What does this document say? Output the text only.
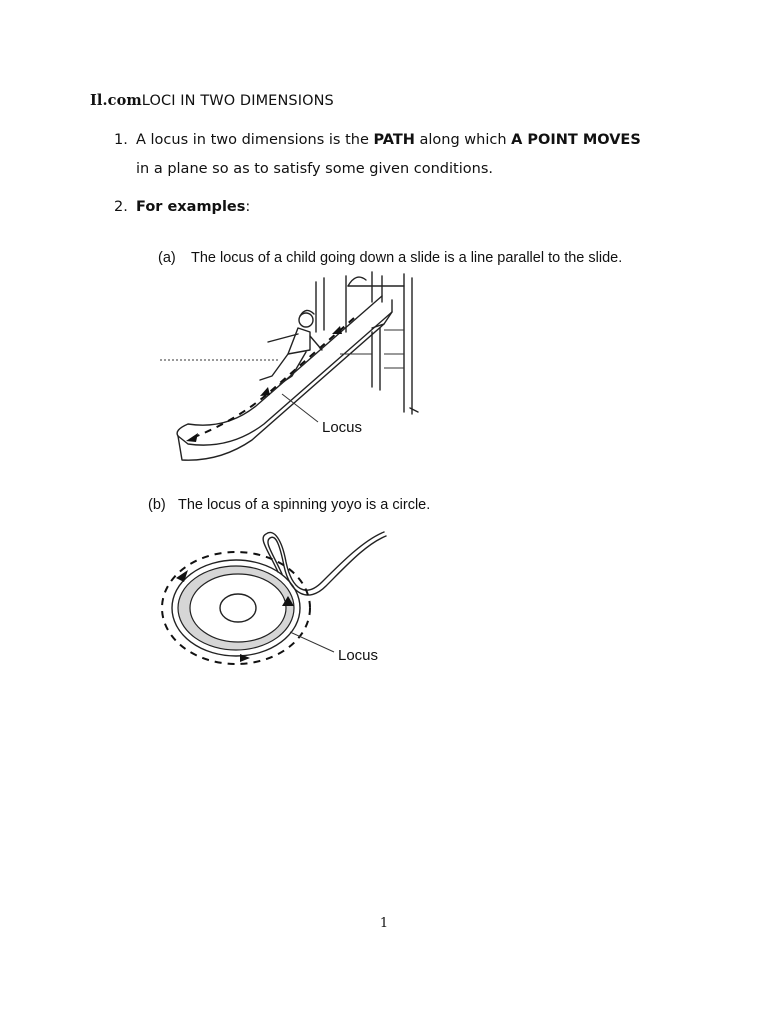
Il.comLOCI IN TWO DIMENSIONS
1. A locus in two dimensions is the PATH along which A POINT MOVES
in a plane so as to satisfy some given conditions.
2. For examples:
(a) The locus of a child going down a slide is a line parallel to the slide.
Locus
(b) The locus of a spinning yoyo is a circle.
Locus
1
